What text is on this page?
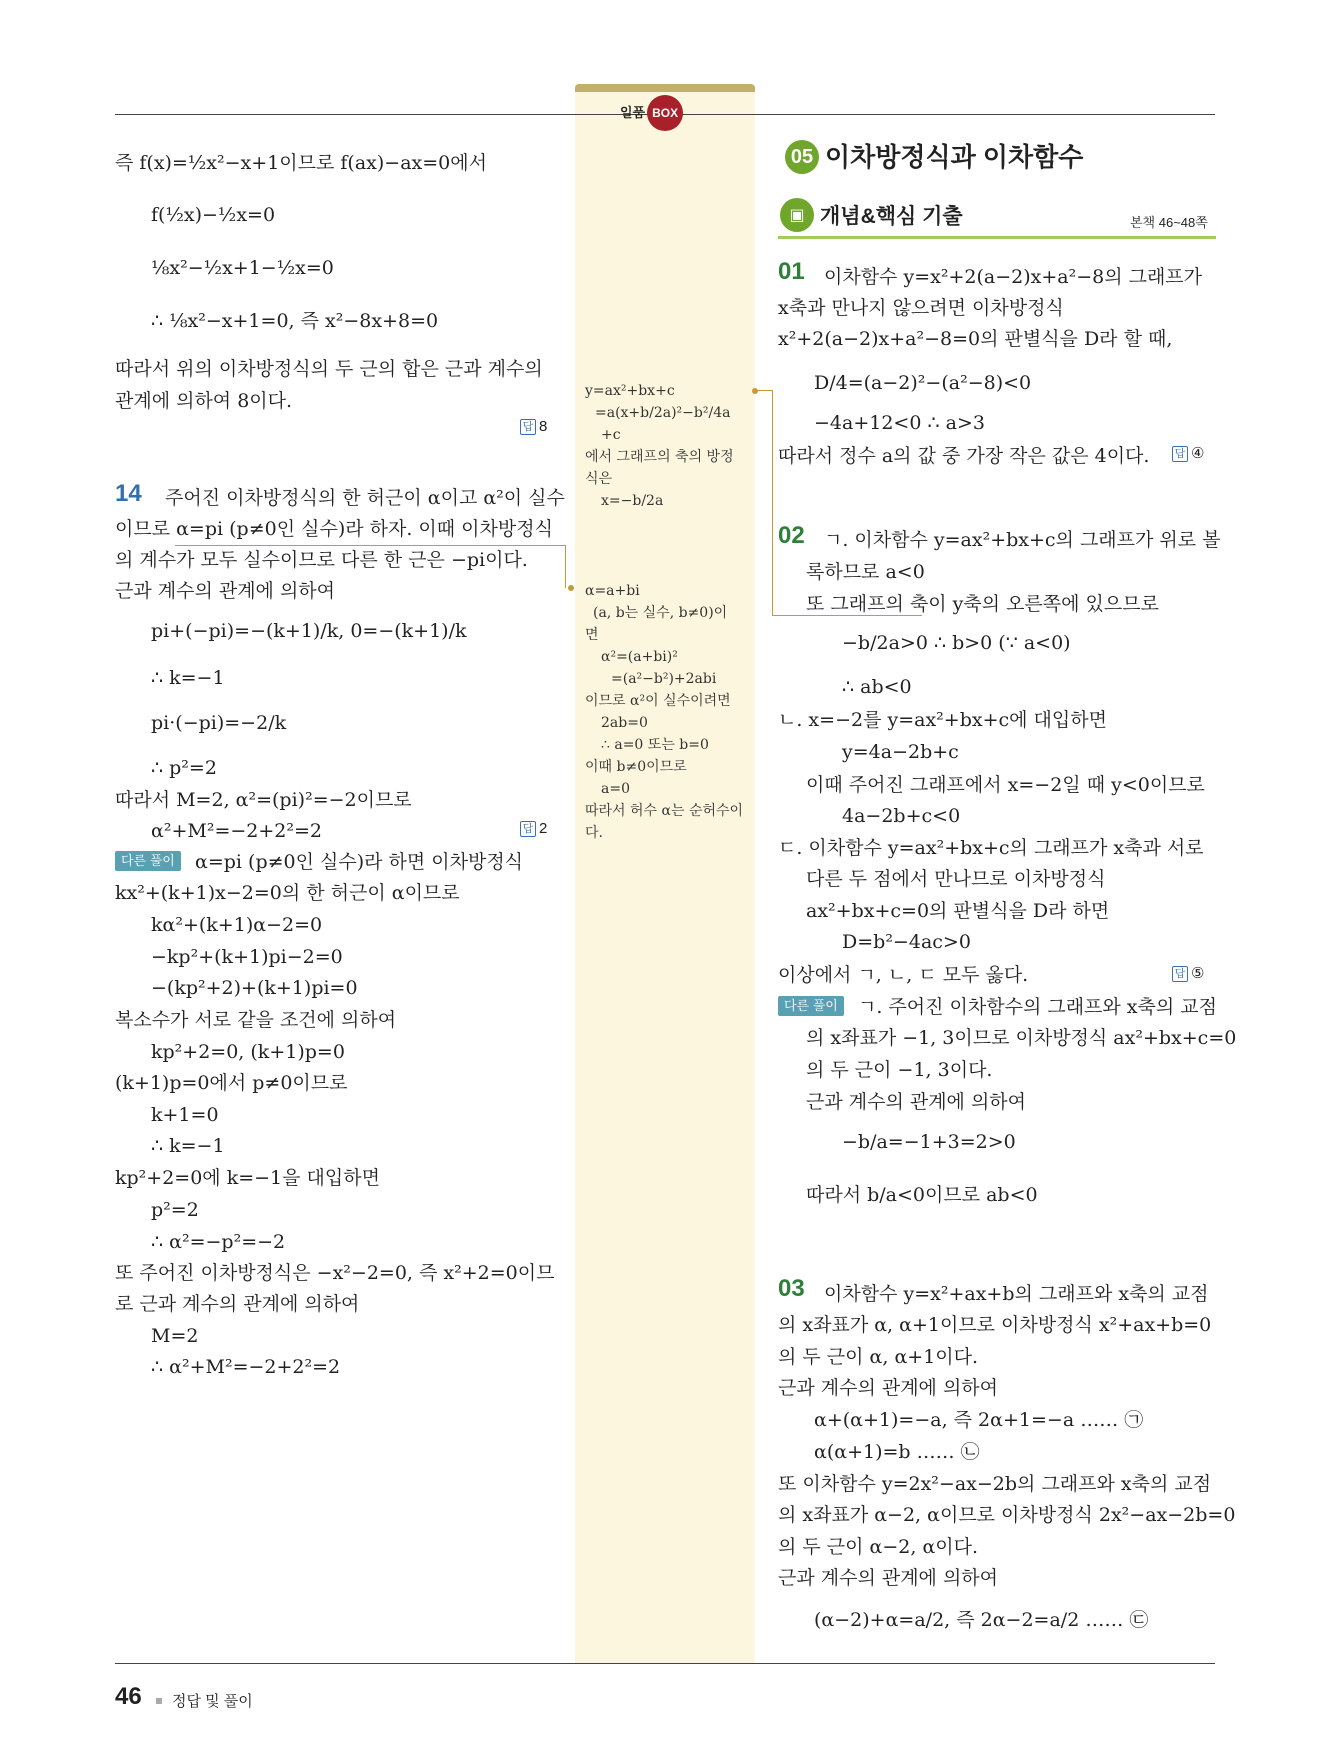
일품 BOX
y=ax²+bx+c
=a(x+b/2a)²−b²/4a
+c
에서 그래프의 축의 방정
식은
x=−b/2a
α=a+bi
(a, b는 실수, b≠0)이
면
α²=(a+bi)²
=(a²−b²)+2abi
이므로 α²이 실수이려면
2ab=0
∴ a=0 또는 b=0
이때 b≠0이므로
a=0
따라서 허수 α는 순허수이
다.
05 이차방정식과 이차함수
▣ 개념&핵심 기출	본책 46~48쪽
46 정답 및 풀이
즉 f(x)=½x²−x+1이므로 f(ax)−ax=0에서
f(½x)−½x=0
⅛x²−½x+1−½x=0
∴ ⅛x²−x+1=0, 즉 x²−8x+8=0
따라서 위의 이차방정식의 두 근의 합은 근과 계수의
관계에 의하여 8이다.
답 8
14	주어진 이차방정식의 한 허근이 α이고 α²이 실수
이므로 α=pi (p≠0인 실수)라 하자. 이때 이차방정식
의 계수가 모두 실수이므로 다른 한 근은 −pi이다.
근과 계수의 관계에 의하여
pi+(−pi)=−(k+1)/k, 0=−(k+1)/k
∴ k=−1
pi·(−pi)=−2/k
∴ p²=2
따라서 M=2, α²=(pi)²=−2이므로
α²+M²=−2+2²=2	답 2
다른 풀이	α=pi (p≠0인 실수)라 하면 이차방정식
kx²+(k+1)x−2=0의 한 허근이 α이므로
kα²+(k+1)α−2=0
−kp²+(k+1)pi−2=0
−(kp²+2)+(k+1)pi=0
복소수가 서로 같을 조건에 의하여
kp²+2=0, (k+1)p=0
(k+1)p=0에서 p≠0이므로
k+1=0
∴ k=−1
kp²+2=0에 k=−1을 대입하면
p²=2
∴ α²=−p²=−2
또 주어진 이차방정식은 −x²−2=0, 즉 x²+2=0이므
로 근과 계수의 관계에 의하여
M=2
∴ α²+M²=−2+2²=2
01	이차함수 y=x²+2(a−2)x+a²−8의 그래프가
x축과 만나지 않으려면 이차방정식
x²+2(a−2)x+a²−8=0의 판별식을 D라 할 때,
D/4=(a−2)²−(a²−8)<0
−4a+12<0 ∴ a>3
따라서 정수 a의 값 중 가장 작은 값은 4이다. 답 ④
02	ㄱ. 이차함수 y=ax²+bx+c의 그래프가 위로 볼
록하므로 a<0
또 그래프의 축이 y축의 오른쪽에 있으므로
−b/2a>0 ∴ b>0 (∵ a<0)
∴ ab<0
ㄴ. x=−2를 y=ax²+bx+c에 대입하면
y=4a−2b+c
이때 주어진 그래프에서 x=−2일 때 y<0이므로
4a−2b+c<0
ㄷ. 이차함수 y=ax²+bx+c의 그래프가 x축과 서로
다른 두 점에서 만나므로 이차방정식
ax²+bx+c=0의 판별식을 D라 하면
D=b²−4ac>0
이상에서 ㄱ, ㄴ, ㄷ 모두 옳다.	답 ⑤
다른 풀이	ㄱ. 주어진 이차함수의 그래프와 x축의 교점
의 x좌표가 −1, 3이므로 이차방정식 ax²+bx+c=0
의 두 근이 −1, 3이다.
근과 계수의 관계에 의하여
−b/a=−1+3=2>0
따라서 b/a<0이므로 ab<0
03	이차함수 y=x²+ax+b의 그래프와 x축의 교점
의 x좌표가 α, α+1이므로 이차방정식 x²+ax+b=0
의 두 근이 α, α+1이다.
근과 계수의 관계에 의하여
α+(α+1)=−a, 즉 2α+1=−a …… ㉠
α(α+1)=b …… ㉡
또 이차함수 y=2x²−ax−2b의 그래프와 x축의 교점
의 x좌표가 α−2, α이므로 이차방정식 2x²−ax−2b=0
의 두 근이 α−2, α이다.
근과 계수의 관계에 의하여
(α−2)+α=a/2, 즉 2α−2=a/2 …… ㉢
